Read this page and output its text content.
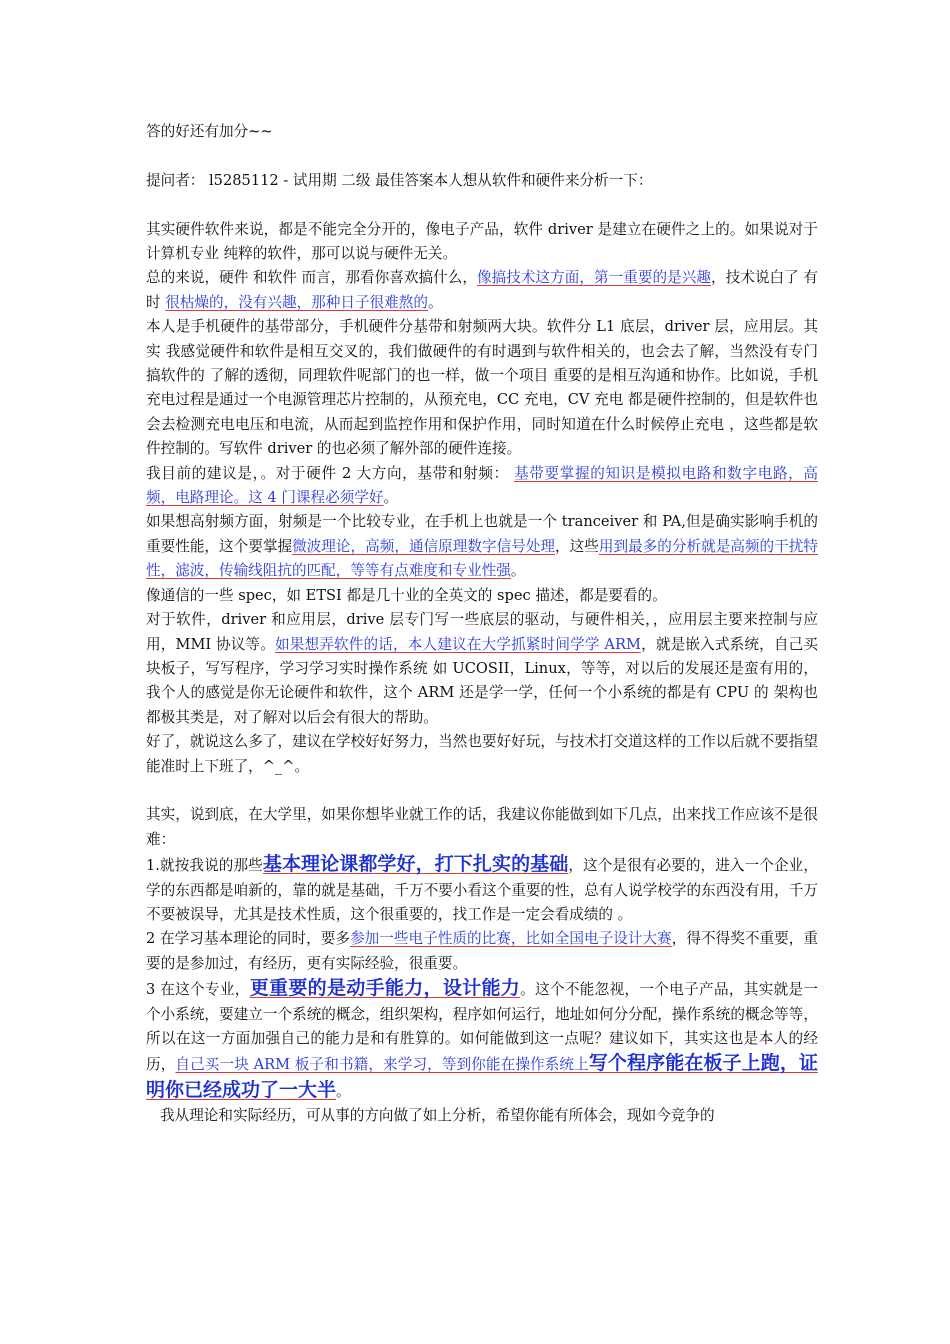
答的好还有加分~~

提问者： l5285112 - 试用期 二级 最佳答案本人想从软件和硬件来分析一下：

其实硬件软件来说，都是不能完全分开的，像电子产品，软件 driver 是建立在硬件之上的。如果说对于计算机专业 纯粹的软件，那可以说与硬件无关。

总的来说，硬件 和软件 而言，那看你喜欢搞什么，像搞技术这方面，第一重要的是兴趣，技术说白了 有时 很枯燥的，没有兴趣，那种日子很难熬的。

本人是手机硬件的基带部分，手机硬件分基带和射频两大块。软件分 L1 底层，driver 层，应用层。其实 我感觉硬件和软件是相互交叉的，我们做硬件的有时遇到与软件相关的，也会去了解，当然没有专门搞软件的 了解的透彻，同理软件呢部门的也一样，做一个项目 重要的是相互沟通和协作。比如说，手机充电过程是通过一个电源管理芯片控制的，从预充电，CC 充电，CV 充电 都是硬件控制的，但是软件也会去检测充电电压和电流，从而起到监控作用和保护作用，同时知道在什么时候停止充电 ，这些都是软件控制的。写软件 driver 的也必须了解外部的硬件连接。

我目前的建议是，。对于硬件 2 大方向，基带和射频： 基带要掌握的知识是模拟电路和数字电路，高频，电路理论。这 4 门课程必须学好。

如果想高射频方面，射频是一个比较专业，在手机上也就是一个 tranceiver 和 PA,但是确实影响手机的重要性能，这个要掌握微波理论，高频，通信原理数字信号处理，这些用到最多的分析就是高频的干扰特性，滤波，传输线阻抗的匹配，等等有点难度和专业性强。

像通信的一些 spec，如 ETSI 都是几十业的全英文的 spec 描述，都是要看的。

对于软件，driver 和应用层，drive 层专门写一些底层的驱动，与硬件相关，，应用层主要来控制与应用，MMI 协议等。如果想弄软件的话，本人建议在大学抓紧时间学学 ARM，就是嵌入式系统，自己买块板子，写写程序，学习学习实时操作系统 如 UCOSII，Linux，等等，对以后的发展还是蛮有用的，我个人的感觉是你无论硬件和软件，这个 ARM 还是学一学，任何一个小系统的都是有 CPU 的 架构也都极其类是，对了解对以后会有很大的帮助。

好了，就说这么多了，建议在学校好好努力，当然也要好好玩，与技术打交道这样的工作以后就不要指望能准时上下班了，^_^。

其实，说到底，在大学里，如果你想毕业就工作的话，我建议你能做到如下几点，出来找工作应该不是很难：

1.就按我说的那些基本理论课都学好，打下扎实的基础，这个是很有必要的，进入一个企业，学的东西都是咱新的，靠的就是基础，千万不要小看这个重要的性，总有人说学校学的东西没有用，千万不要被误导，尤其是技术性质，这个很重要的，找工作是一定会看成绩的 。

2 在学习基本理论的同时，要多参加一些电子性质的比赛，比如全国电子设计大赛，得不得奖不重要，重要的是参加过，有经历，更有实际经验，很重要。

3 在这个专业，更重要的是动手能力，设计能力。这个不能忽视，一个电子产品，其实就是一个小系统，要建立一个系统的概念，组织架构，程序如何运行，地址如何分分配，操作系统的概念等等，所以在这一方面加强自己的能力是和有胜算的。如何能做到这一点呢？建议如下，其实这也是本人的经历，自己买一块 ARM 板子和书籍，来学习，等到你能在操作系统上写个程序能在板子上跑，证明你已经成功了一大半。

我从理论和实际经历，可从事的方向做了如上分析，希望你能有所体会，现如今竞争的
